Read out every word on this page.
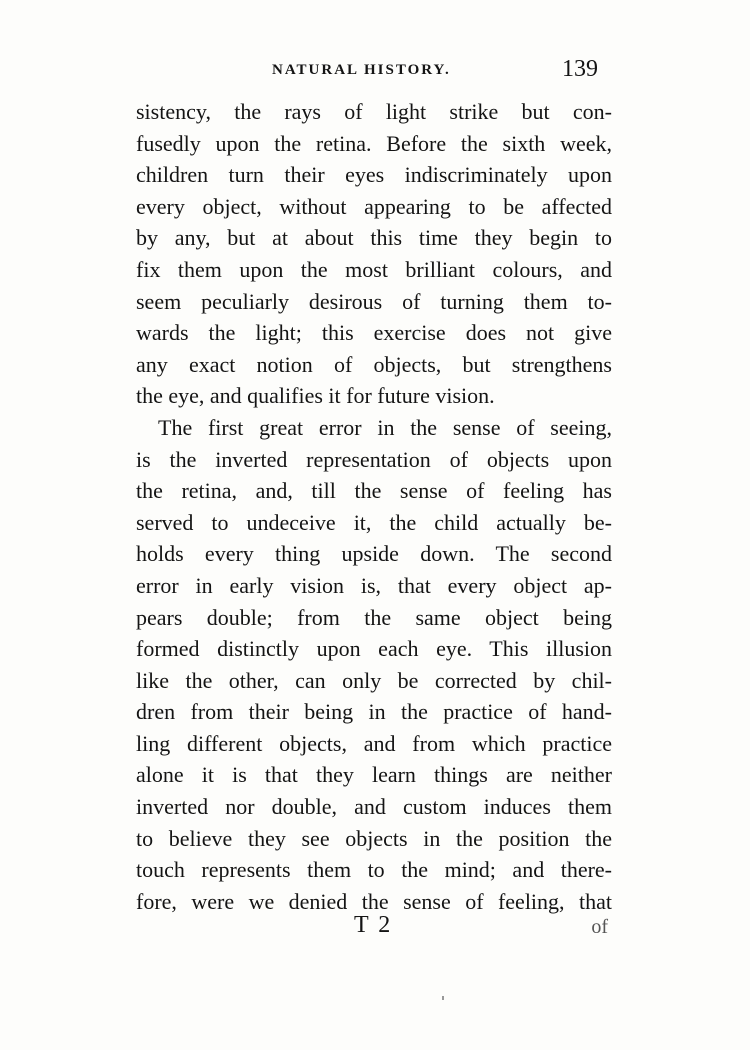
NATURAL HISTORY.	139
sistency, the rays of light strike but con-
fusedly upon the retina. Before the sixth week,
children turn their eyes indiscriminately upon
every object, without appearing to be affected
by any, but at about this time they begin to
fix them upon the most brilliant colours, and
seem peculiarly desirous of turning them to-
wards the light; this exercise does not give
any exact notion of objects, but strengthens
the eye, and qualifies it for future vision.
The first great error in the sense of seeing,
is the inverted representation of objects upon
the retina, and, till the sense of feeling has
served to undeceive it, the child actually be-
holds every thing upside down. The second
error in early vision is, that every object ap-
pears double; from the same object being
formed distinctly upon each eye. This illusion
like the other, can only be corrected by chil-
dren from their being in the practice of hand-
ling different objects, and from which practice
alone it is that they learn things are neither
inverted nor double, and custom induces them
to believe they see objects in the position the
touch represents them to the mind; and there-
fore, were we denied the sense of feeling, that
T 2	of
